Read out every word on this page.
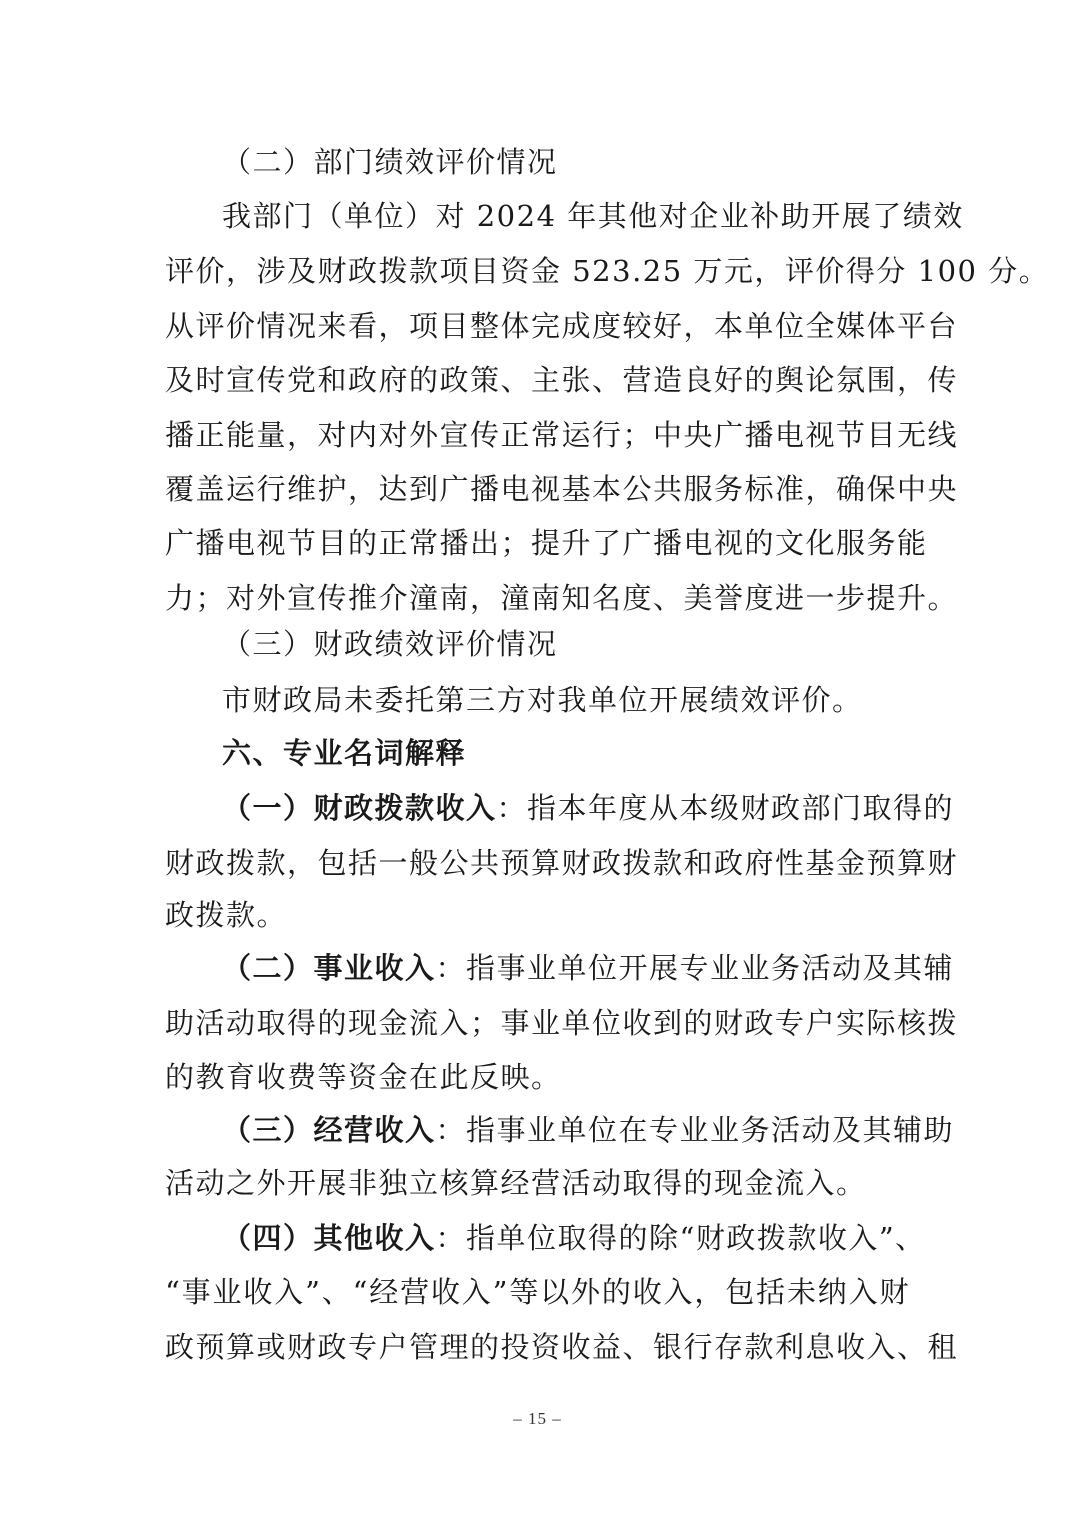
（二）部门绩效评价情况
我部门（单位）对 2024 年其他对企业补助开展了绩效
评价，涉及财政拨款项目资金 523.25 万元，评价得分 100 分。
从评价情况来看，项目整体完成度较好，本单位全媒体平台
及时宣传党和政府的政策、主张、营造良好的舆论氛围，传
播正能量，对内对外宣传正常运行；中央广播电视节目无线
覆盖运行维护，达到广播电视基本公共服务标准，确保中央
广播电视节目的正常播出；提升了广播电视的文化服务能
力；对外宣传推介潼南，潼南知名度、美誉度进一步提升。
（三）财政绩效评价情况
市财政局未委托第三方对我单位开展绩效评价。
六、专业名词解释
（一）财政拨款收入：指本年度从本级财政部门取得的
财政拨款，包括一般公共预算财政拨款和政府性基金预算财
政拨款。
（二）事业收入：指事业单位开展专业业务活动及其辅
助活动取得的现金流入；事业单位收到的财政专户实际核拨
的教育收费等资金在此反映。
（三）经营收入：指事业单位在专业业务活动及其辅助
活动之外开展非独立核算经营活动取得的现金流入。
（四）其他收入：指单位取得的除“财政拨款收入”、
“事业收入”、“经营收入”等以外的收入，包括未纳入财
政预算或财政专户管理的投资收益、银行存款利息收入、租
– 15 –
